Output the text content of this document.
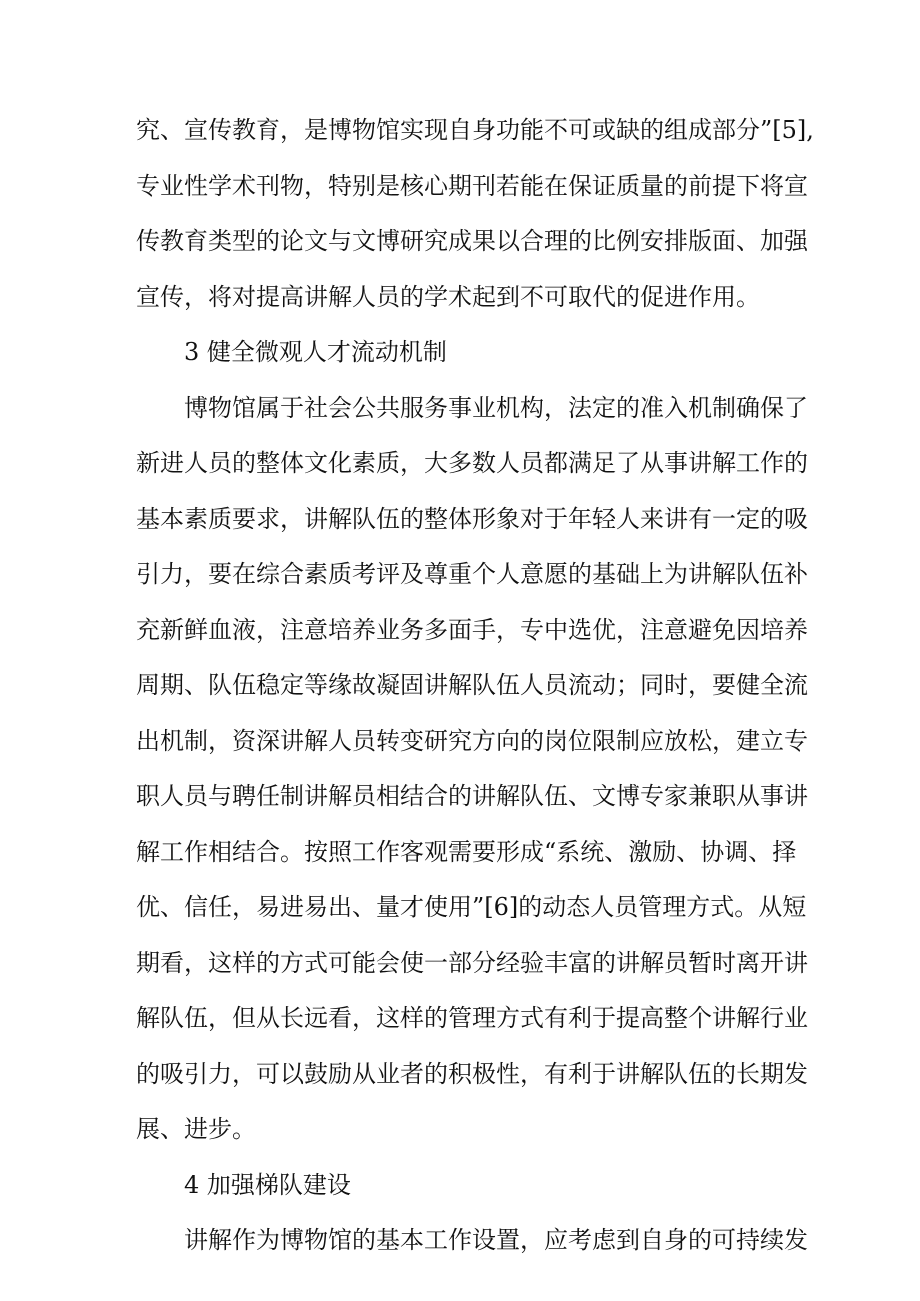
究、宣传教育，是博物馆实现自身功能不可或缺的组成部分”[5],
专业性学术刊物，特别是核心期刊若能在保证质量的前提下将宣
传教育类型的论文与文博研究成果以合理的比例安排版面、加强
宣传，将对提高讲解人员的学术起到不可取代的促进作用。
3 健全微观人才流动机制
博物馆属于社会公共服务事业机构，法定的准入机制确保了
新进人员的整体文化素质，大多数人员都满足了从事讲解工作的
基本素质要求，讲解队伍的整体形象对于年轻人来讲有一定的吸
引力，要在综合素质考评及尊重个人意愿的基础上为讲解队伍补
充新鲜血液，注意培养业务多面手，专中选优，注意避免因培养
周期、队伍稳定等缘故凝固讲解队伍人员流动；同时，要健全流
出机制，资深讲解人员转变研究方向的岗位限制应放松，建立专
职人员与聘任制讲解员相结合的讲解队伍、文博专家兼职从事讲
解工作相结合。按照工作客观需要形成“系统、激励、协调、择
优、信任，易进易出、量才使用”[6]的动态人员管理方式。从短
期看，这样的方式可能会使一部分经验丰富的讲解员暂时离开讲
解队伍，但从长远看，这样的管理方式有利于提高整个讲解行业
的吸引力，可以鼓励从业者的积极性，有利于讲解队伍的长期发
展、进步。
4 加强梯队建设
讲解作为博物馆的基本工作设置，应考虑到自身的可持续发
